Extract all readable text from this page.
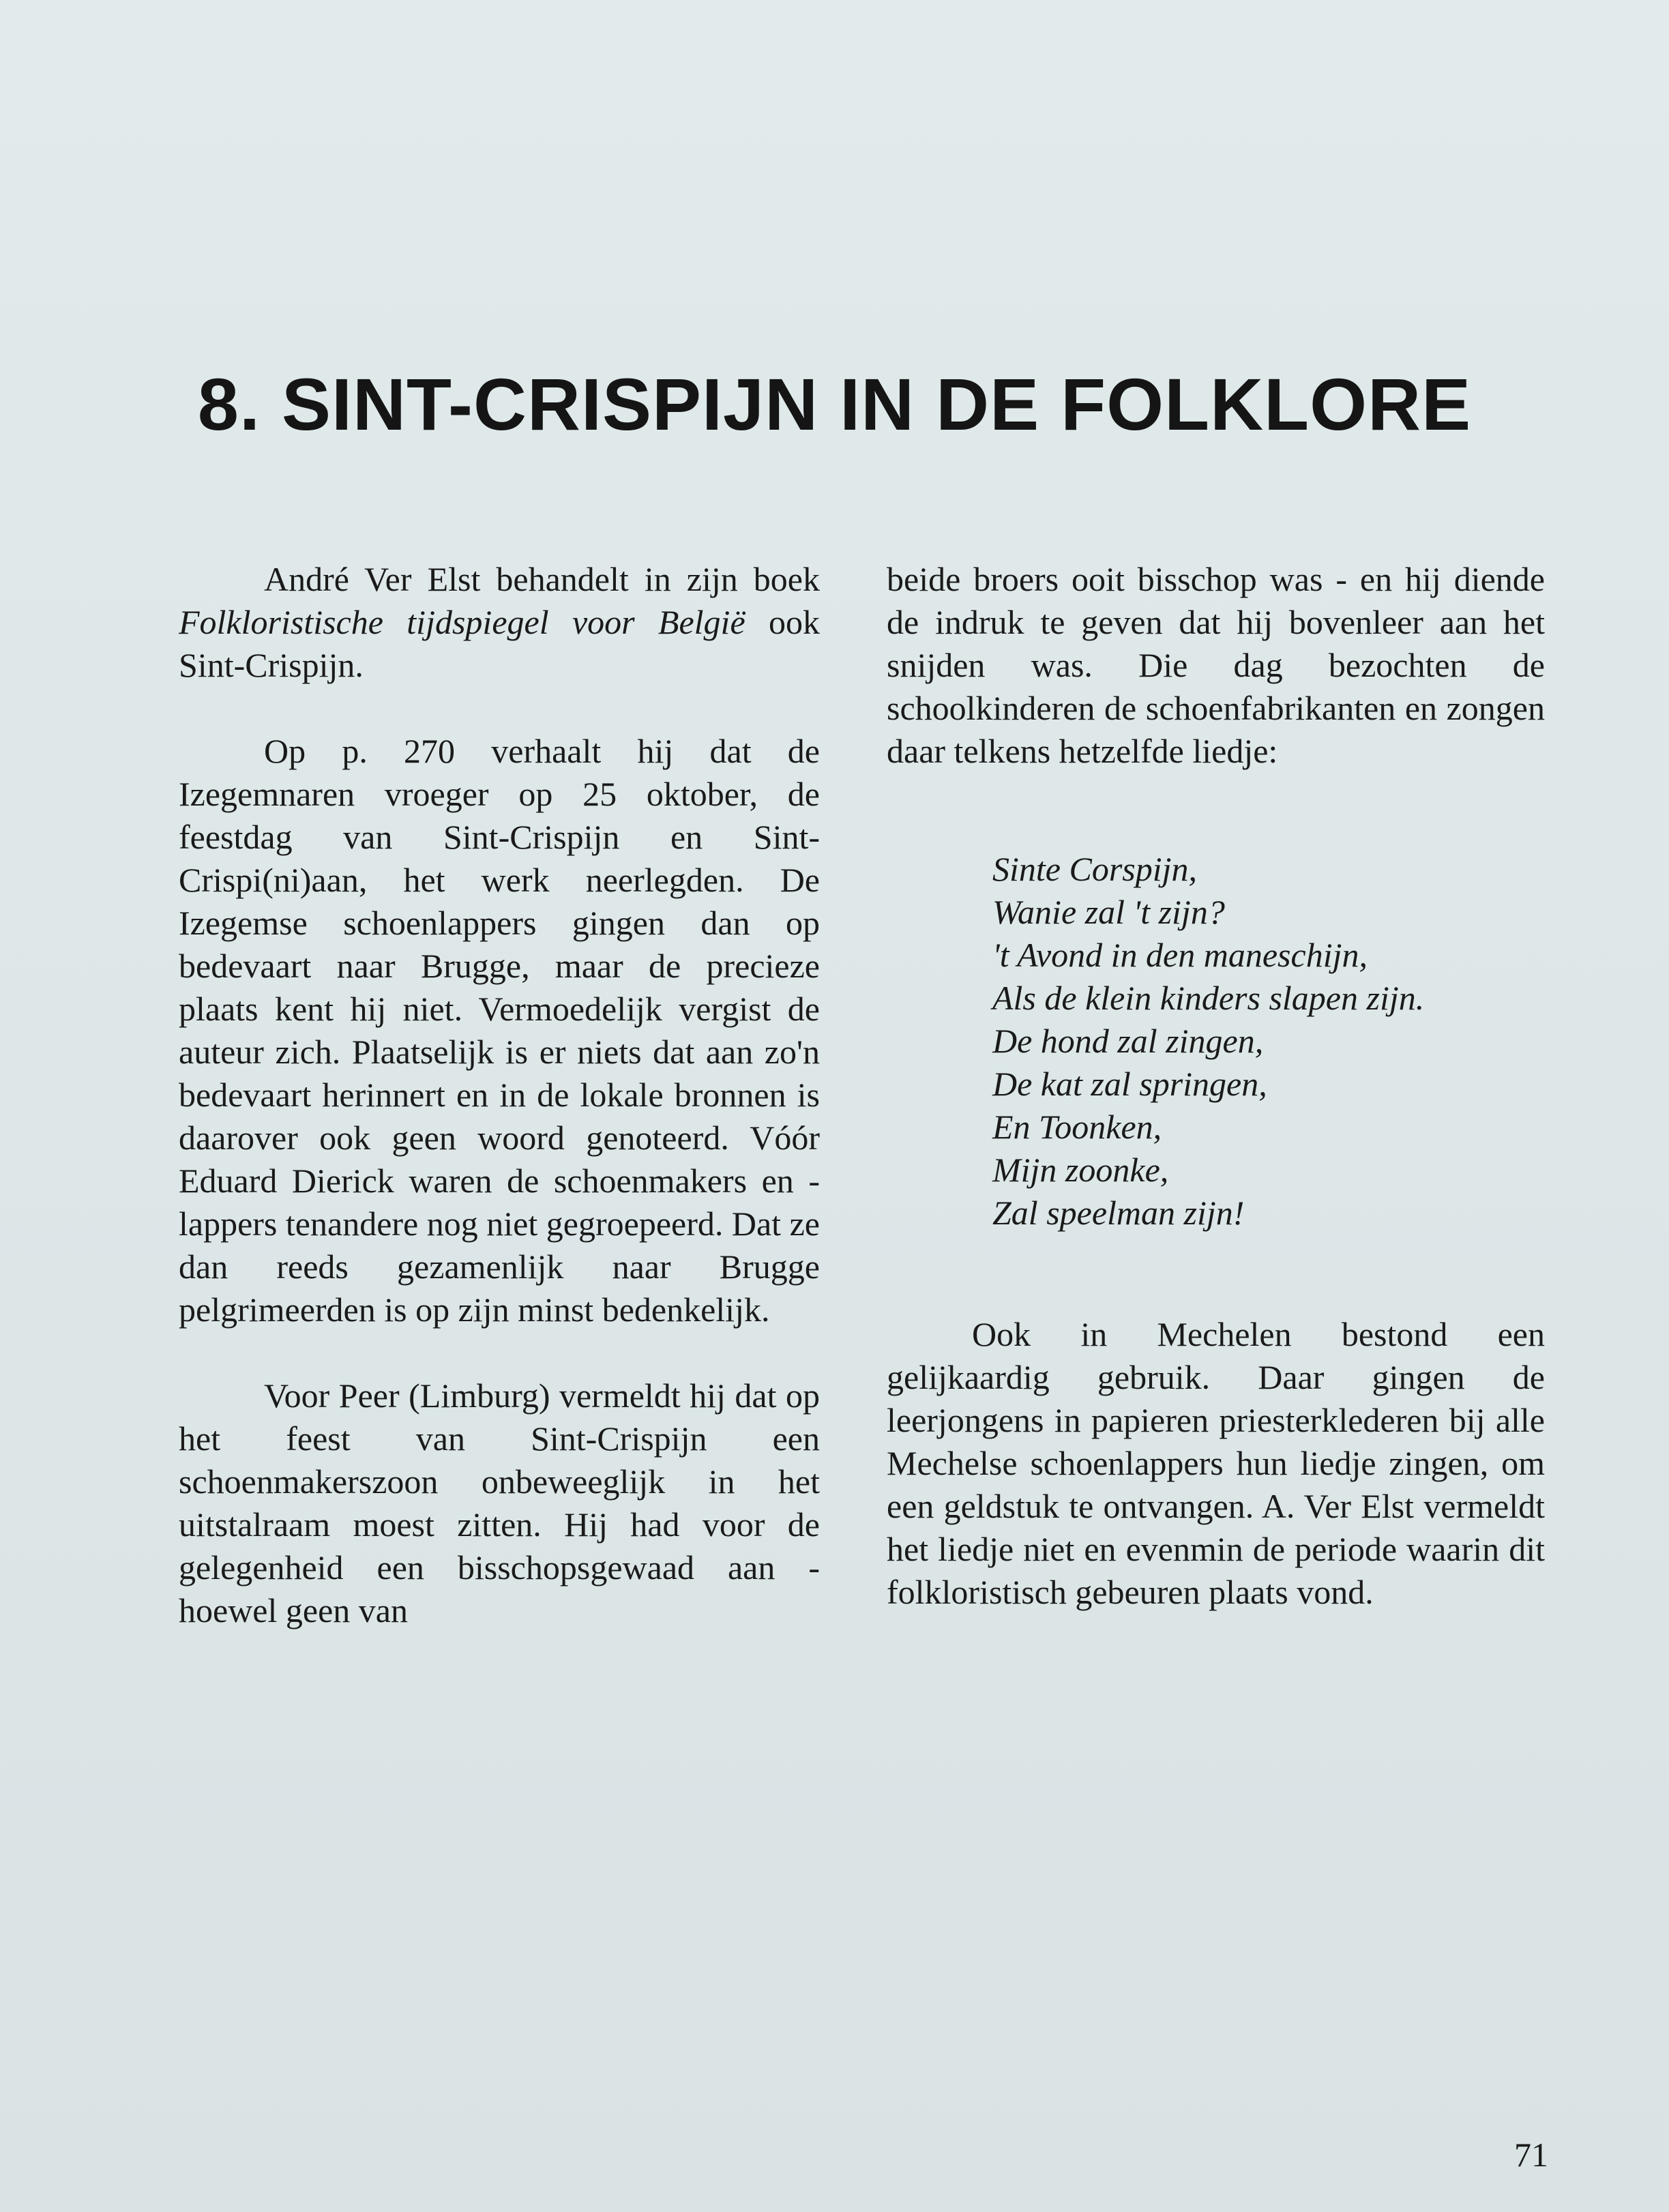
8. SINT-CRISPIJN IN DE FOLKLORE

André Ver Elst behandelt in zijn boek Folkloristische tijdspiegel voor België ook Sint-Crispijn.

Op p. 270 verhaalt hij dat de Izegemnaren vroeger op 25 oktober, de feestdag van Sint-Crispijn en Sint-Crispi(ni)aan, het werk neerlegden. De Izegemse schoenlappers gingen dan op bedevaart naar Brugge, maar de precieze plaats kent hij niet. Vermoedelijk vergist de auteur zich. Plaatselijk is er niets dat aan zo'n bedevaart herinnert en in de lokale bronnen is daarover ook geen woord genoteerd. Vóór Eduard Dierick waren de schoenmakers en -lappers tenandere nog niet gegroepeerd. Dat ze dan reeds gezamenlijk naar Brugge pelgrimeerden is op zijn minst bedenkelijk.

Voor Peer (Limburg) vermeldt hij dat op het feest van Sint-Crispijn een schoenmakerszoon onbeweeglijk in het uitstalraam moest zitten. Hij had voor de gelegenheid een bisschopsgewaad aan - hoewel geen van

beide broers ooit bisschop was - en hij diende de indruk te geven dat hij bovenleer aan het snijden was. Die dag bezochten de schoolkinderen de schoenfabrikanten en zongen daar telkens hetzelfde liedje:

Sinte Corspijn,
Wanie zal 't zijn?
't Avond in den maneschijn,
Als de klein kinders slapen zijn.
De hond zal zingen,
De kat zal springen,
En Toonken,
Mijn zoonke,
Zal speelman zijn!

Ook in Mechelen bestond een gelijkaardig gebruik. Daar gingen de leerjongens in papieren priesterklederen bij alle Mechelse schoenlappers hun liedje zingen, om een geldstuk te ontvangen. A. Ver Elst vermeldt het liedje niet en evenmin de periode waarin dit folkloristisch gebeuren plaats vond.

71
